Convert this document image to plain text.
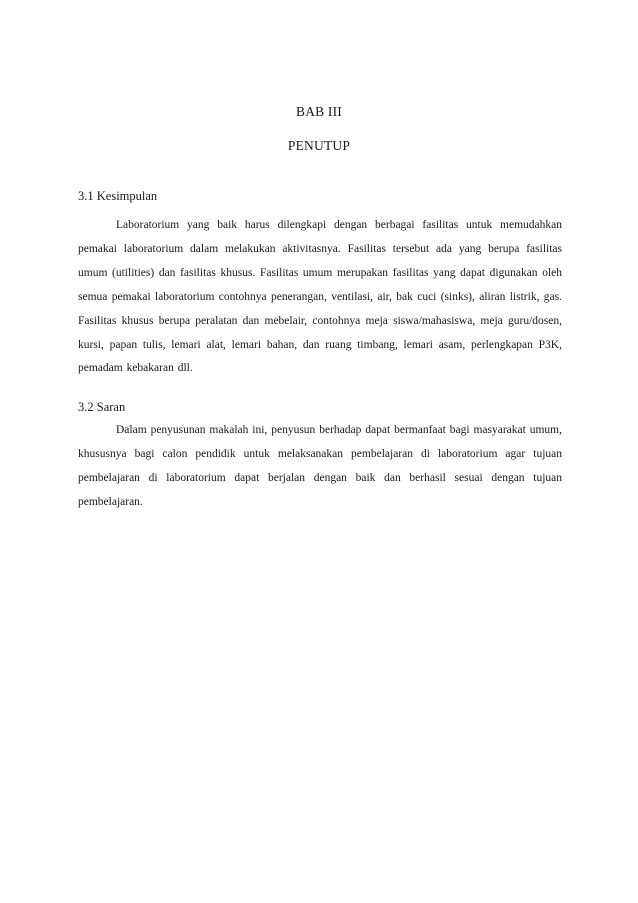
BAB III
PENUTUP
3.1 Kesimpulan

Laboratorium yang baik harus dilengkapi dengan berbagai fasilitas untuk memudahkan pemakai laboratorium dalam melakukan aktivitasnya. Fasilitas tersebut ada yang berupa fasilitas umum (utilities) dan fasilitas khusus. Fasilitas umum merupakan fasilitas yang dapat digunakan oleh semua pemakai laboratorium contohnya penerangan, ventilasi, air, bak cuci (sinks), aliran listrik, gas. Fasilitas khusus berupa peralatan dan mebelair, contohnya meja siswa/mahasiswa, meja guru/dosen, kursi, papan tulis, lemari alat, lemari bahan, dan ruang timbang, lemari asam, perlengkapan P3K, pemadam kebakaran dll.

3.2 Saran

Dalam penyusunan makalah ini, penyusun berhadap dapat bermanfaat bagi masyarakat umum, khususnya bagi calon pendidik untuk melaksanakan pembelajaran di laboratorium agar tujuan pembelajaran di laboratorium dapat berjalan dengan baik dan berhasil sesuai dengan tujuan pembelajaran.
